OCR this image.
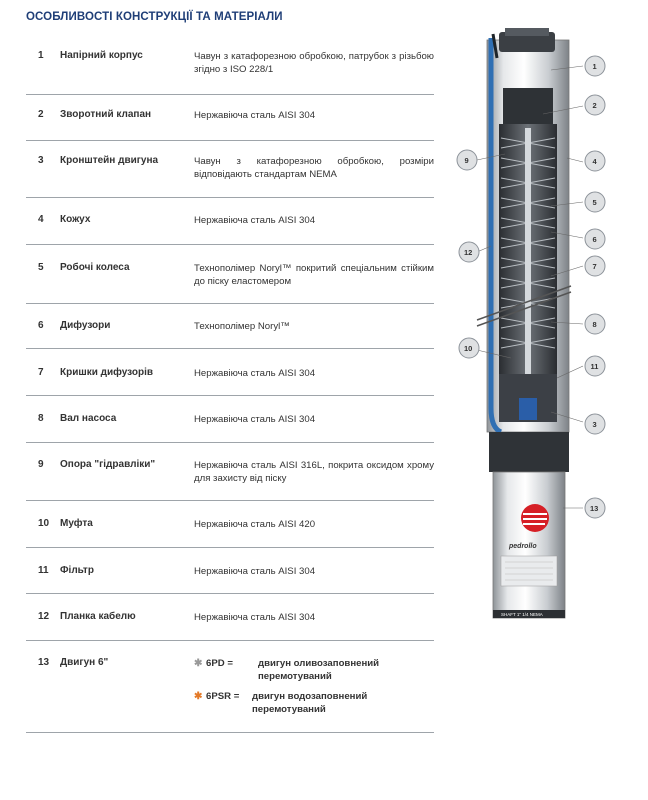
ОСОБЛИВОСТІ КОНСТРУКЦІЇ ТА МАТЕРІАЛИ
1 Напірний корпус	Чавун з катафорезною обробкою, патрубок з різьбою згідно з ISO 228/1
2 Зворотний клапан	Нержавіюча сталь AISI 304
3 Кронштейн двигуна	Чавун з катафорезною обробкою, розміри відповідають стандартам NEMA
4 Кожух	Нержавіюча сталь AISI 304
5 Робочі колеса	Технополімер Noryl™ покритий спеціальним стійким до піску еластомером
6 Дифузори	Технополімер Noryl™
7 Кришки дифузорів	Нержавіюча сталь AISI 304
8 Вал насоса	Нержавіюча сталь AISI 304
9 Опора "гідравліки"	Нержавіюча сталь AISI 316L, покрита оксидом хрому для захисту від піску
10 Муфта	Нержавіюча сталь AISI 420
11 Фільтр	Нержавіюча сталь AISI 304
12 Планка кабелю	Нержавіюча сталь AISI 304
13 Двигун 6"	✱ 6PD =	двигун оливозаповнений перемотуваний
✱ 6PSR =	двигун водозаповнений перемотуваний
pedrollo
SHAFT 1" 1/4 NEMA
1
2
3
4
5
6
7
8
9
10
11
12
13
